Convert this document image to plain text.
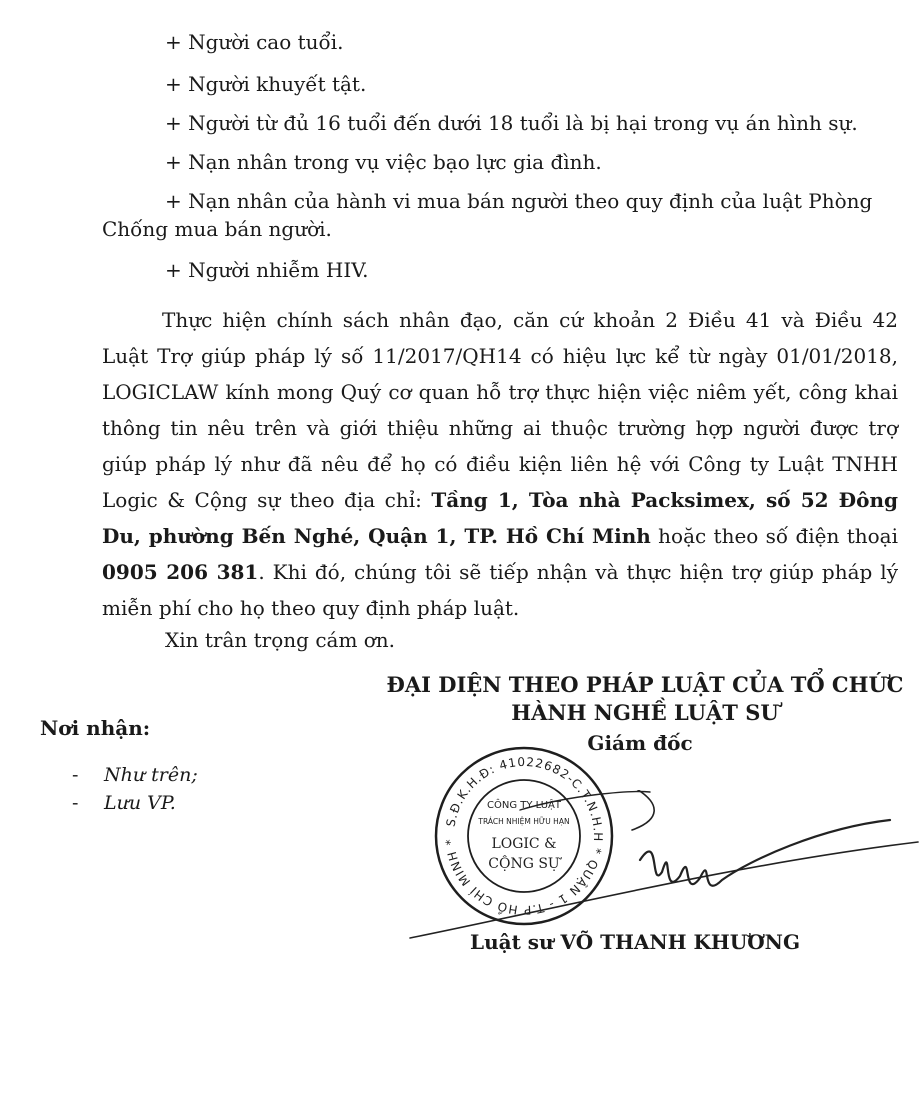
+ Người cao tuổi.
+ Người khuyết tật.
+ Người từ đủ 16 tuổi đến dưới 18 tuổi là bị hại trong vụ án hình sự.
+ Nạn nhân trong vụ việc bạo lực gia đình.
+ Nạn nhân của hành vi mua bán người theo quy định của luật Phòng
Chống mua bán người.
+ Người nhiễm HIV.
Thực hiện chính sách nhân đạo, căn cứ khoản 2 Điều 41 và Điều 42 Luật Trợ giúp pháp lý số 11/2017/QH14 có hiệu lực kể từ ngày 01/01/2018, LOGICLAW kính mong Quý cơ quan hỗ trợ thực hiện việc niêm yết, công khai thông tin nêu trên và giới thiệu những ai thuộc trường hợp người được trợ giúp pháp lý như đã nêu để họ có điều kiện liên hệ với Công ty Luật TNHH Logic & Cộng sự theo địa chỉ: Tầng 1, Tòa nhà Packsimex, số 52 Đông Du, phường Bến Nghé, Quận 1, TP. Hồ Chí Minh hoặc theo số điện thoại 0905 206 381. Khi đó, chúng tôi sẽ tiếp nhận và thực hiện trợ giúp pháp lý miễn phí cho họ theo quy định pháp luật.
Xin trân trọng cám ơn.
Nơi nhận:
- Như trên;
- Lưu VP.
ĐẠI DIỆN THEO PHÁP LUẬT CỦA TỔ CHỨC
HÀNH NGHỀ LUẬT SƯ
Giám đốc
S.Đ.K.H.Đ: 41022682-C.T.N.H.H * QUẬN 1 - T.P HỒ CHÍ MINH *
CÔNG TY LUẬT
TRÁCH NHIỆM HỮU HẠN
LOGIC &
CỘNG SỰ
Luật sư VÕ THANH KHƯƠNG
